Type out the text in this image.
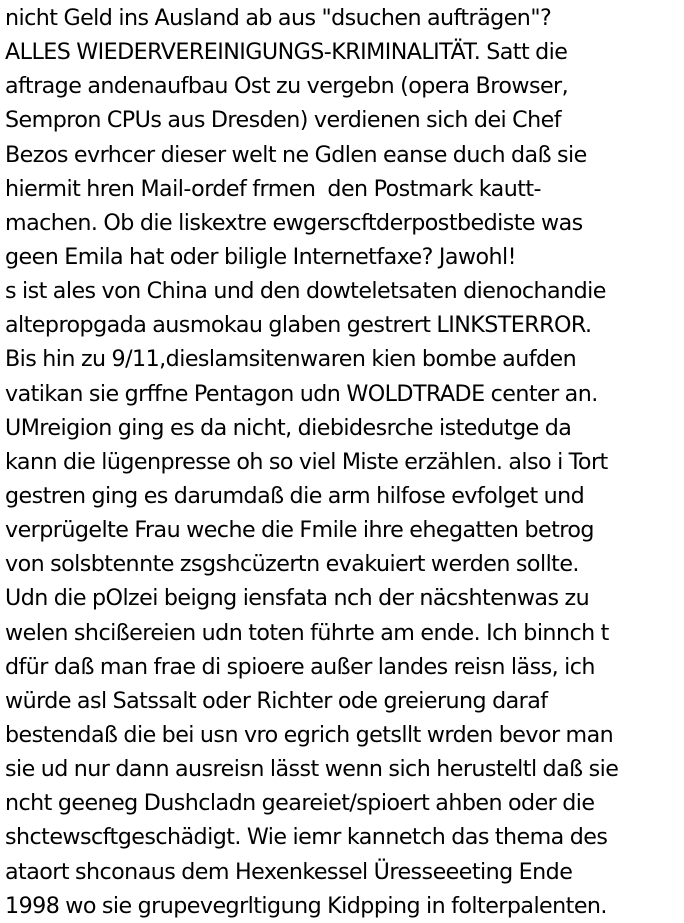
nicht Geld ins Ausland ab aus "dsuchen aufträgen"?
ALLES WIEDERVEREINIGUNGS-KRIMINALITÄT. Satt die
aftrage andenaufbau Ost zu vergebn (opera Browser,
Sempron CPUs aus Dresden) verdienen sich dei Chef
Bezos evrhcer dieser welt ne Gdlen eanse duch daß sie
hiermit hren Mail-ordef frmen  den Postmark kautt-
machen. Ob die liskextre ewgerscftderpostbediste was
geen Emila hat oder biligle Internetfaxe? Jawohl!
s ist ales von China und den dowteletsaten dienochandie
altepropgada ausmokau glaben gestrert LINKSTERROR.
Bis hin zu 9/11,dieslamsitenwaren kien bombe aufden
vatikan sie grffne Pentagon udn WOLDTRADE center an.
UMreigion ging es da nicht, diebidesrche istedutge da
kann die lügenpresse oh so viel Miste erzählen. also i Tort
gestren ging es darumdaß die arm hilfose evfolget und
verprügelte Frau weche die Fmile ihre ehegatten betrog
von solsbtennte zsgshcüzertn evakuiert werden sollte.
Udn die pOlzei beigng iensfata nch der näcshtenwas zu
welen shcißereien udn toten führte am ende. Ich binnch t
dfür daß man frae di spioere außer landes reisn läss, ich
würde asl Satssalt oder Richter ode greierung daraf
bestendaß die bei usn vro egrich getsllt wrden bevor man
sie ud nur dann ausreisn lässt wenn sich herusteltl daß sie
ncht geeneg Dushcladn geareiet/spioert ahben oder die
shctewscftgeschädigt. Wie iemr kannetch das thema des
ataort shconaus dem Hexenkessel Üresseeeting Ende
1998 wo sie grupevegrltigung Kidpping in folterpalenten.
